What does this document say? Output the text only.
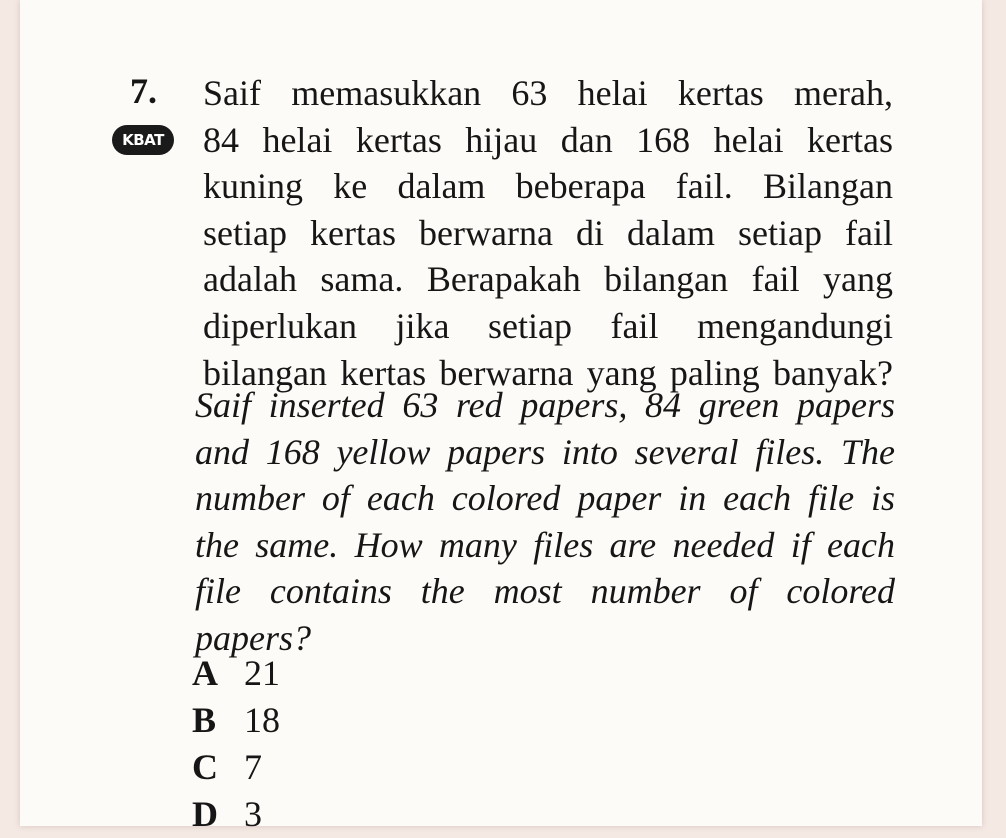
7.
KBAT

Saif memasukkan 63 helai kertas merah,
84 helai kertas hijau dan 168 helai kertas
kuning ke dalam beberapa fail. Bilangan
setiap kertas berwarna di dalam setiap fail
adalah sama. Berapakah bilangan fail yang
diperlukan jika setiap fail mengandungi
bilangan kertas berwarna yang paling banyak?

Saif inserted 63 red papers, 84 green papers
and 168 yellow papers into several files. The
number of each colored paper in each file is
the same. How many files are needed if each
file contains the most number of colored
papers?

A 21
B 18
C 7
D 3
